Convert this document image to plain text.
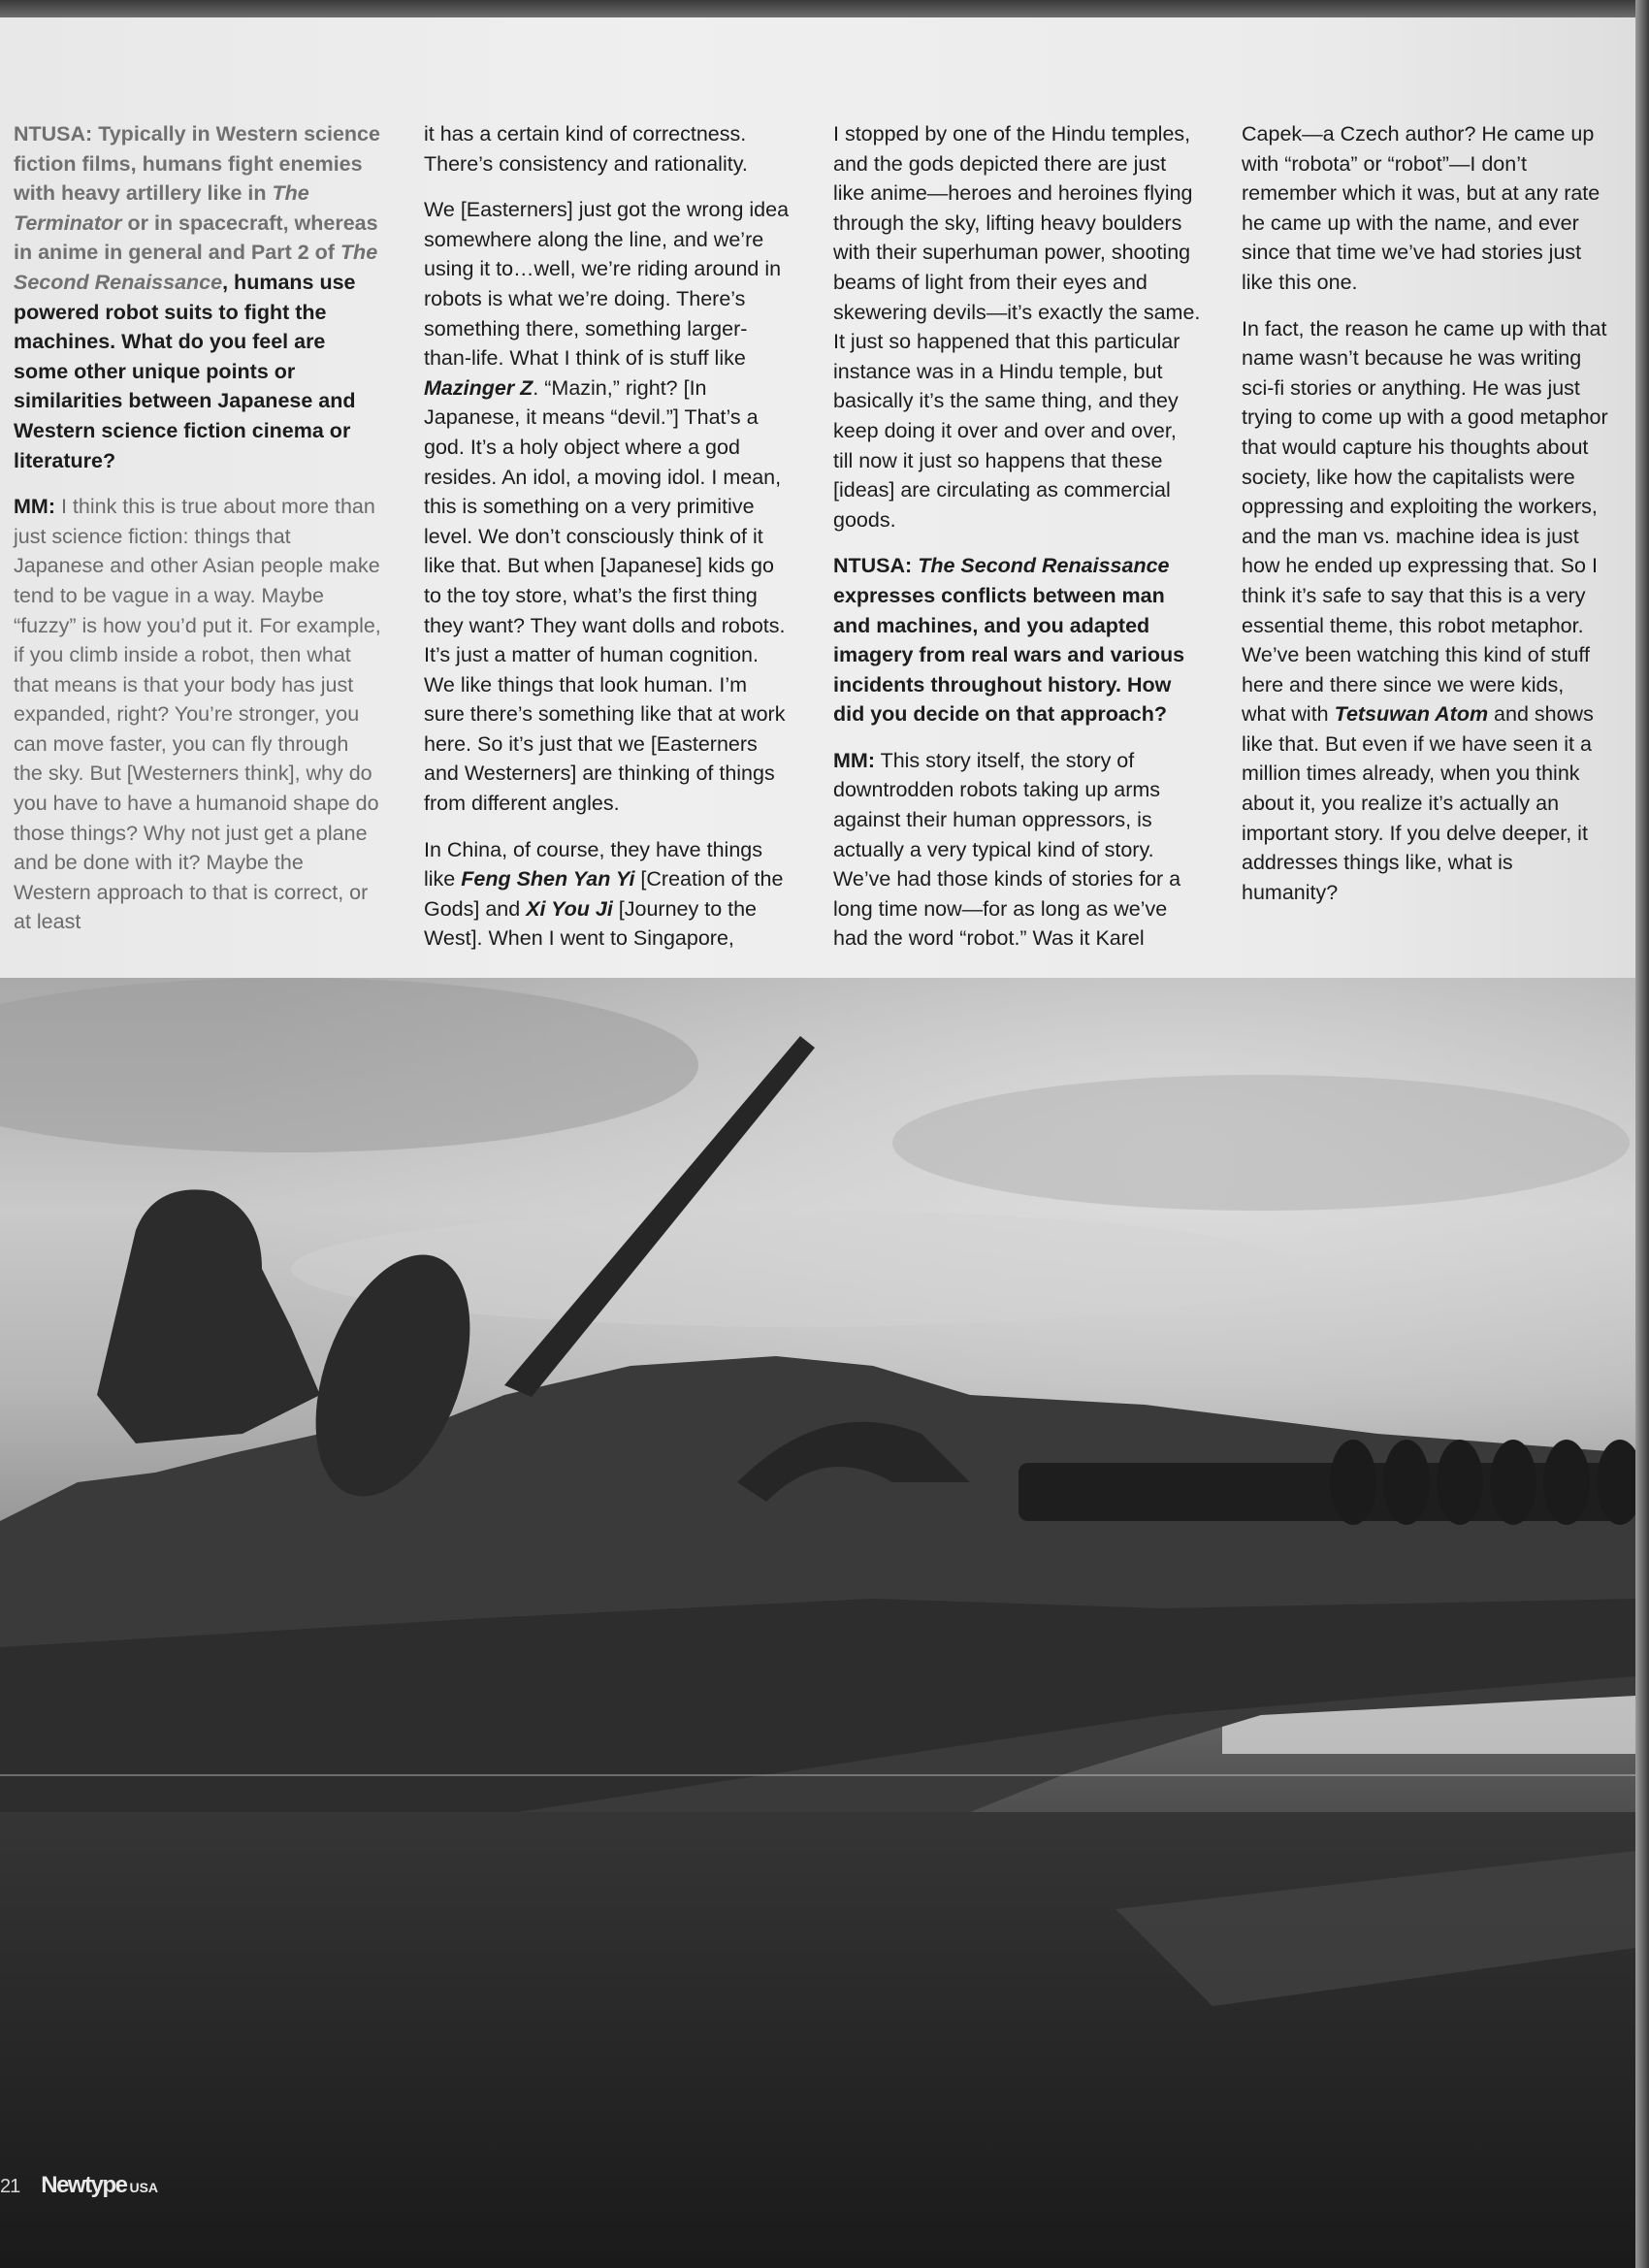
NTUSA: Typically in Western science fiction films, humans fight enemies with heavy artillery like in The Terminator or in spacecraft, whereas in anime in general and Part 2 of The Second Renaissance, humans use powered robot suits to fight the machines. What do you feel are some other unique points or similarities between Japanese and Western science fiction cinema or literature?

MM: I think this is true about more than just science fiction: things that Japanese and other Asian people make tend to be vague in a way. Maybe “fuzzy” is how you’d put it. For example, if you climb inside a robot, then what that means is that your body has just expanded, right? You’re stronger, you can move faster, you can fly through the sky. But [Westerners think], why do you have to have a humanoid shape do those things? Why not just get a plane and be done with it? Maybe the Western approach to that is correct, or at least

it has a certain kind of correctness. There’s consistency and rationality.

We [Easterners] just got the wrong idea somewhere along the line, and we’re using it to…well, we’re riding around in robots is what we’re doing. There’s something there, something larger-than-life. What I think of is stuff like Mazinger Z. “Mazin,” right? [In Japanese, it means “devil.”] That’s a god. It’s a holy object where a god resides. An idol, a moving idol. I mean, this is something on a very primitive level. We don’t consciously think of it like that. But when [Japanese] kids go to the toy store, what’s the first thing they want? They want dolls and robots. It’s just a matter of human cognition. We like things that look human. I’m sure there’s something like that at work here. So it’s just that we [Easterners and Westerners] are thinking of things from different angles.

In China, of course, they have things like Feng Shen Yan Yi [Creation of the Gods] and Xi You Ji [Journey to the West]. When I went to Singapore,

I stopped by one of the Hindu temples, and the gods depicted there are just like anime—heroes and heroines flying through the sky, lifting heavy boulders with their superhuman power, shooting beams of light from their eyes and skewering devils—it’s exactly the same. It just so happened that this particular instance was in a Hindu temple, but basically it’s the same thing, and they keep doing it over and over and over, till now it just so happens that these [ideas] are circulating as commercial goods.

NTUSA: The Second Renaissance expresses conflicts between man and machines, and you adapted imagery from real wars and various incidents throughout history. How did you decide on that approach?

MM: This story itself, the story of downtrodden robots taking up arms against their human oppressors, is actually a very typical kind of story. We’ve had those kinds of stories for a long time now—for as long as we’ve had the word “robot.” Was it Karel

Capek—a Czech author? He came up with “robota” or “robot”—I don’t remember which it was, but at any rate he came up with the name, and ever since that time we’ve had stories just like this one.

In fact, the reason he came up with that name wasn’t because he was writing sci-fi stories or anything. He was just trying to come up with a good metaphor that would capture his thoughts about society, like how the capitalists were oppressing and exploiting the workers, and the man vs. machine idea is just how he ended up expressing that. So I think it’s safe to say that this is a very essential theme, this robot metaphor. We’ve been watching this kind of stuff here and there since we were kids, what with Tetsuwan Atom and shows like that. But even if we have seen it a million times already, when you think about it, you realize it’s actually an important story. If you delve deeper, it addresses things like, what is humanity?

21 Newtype USA
